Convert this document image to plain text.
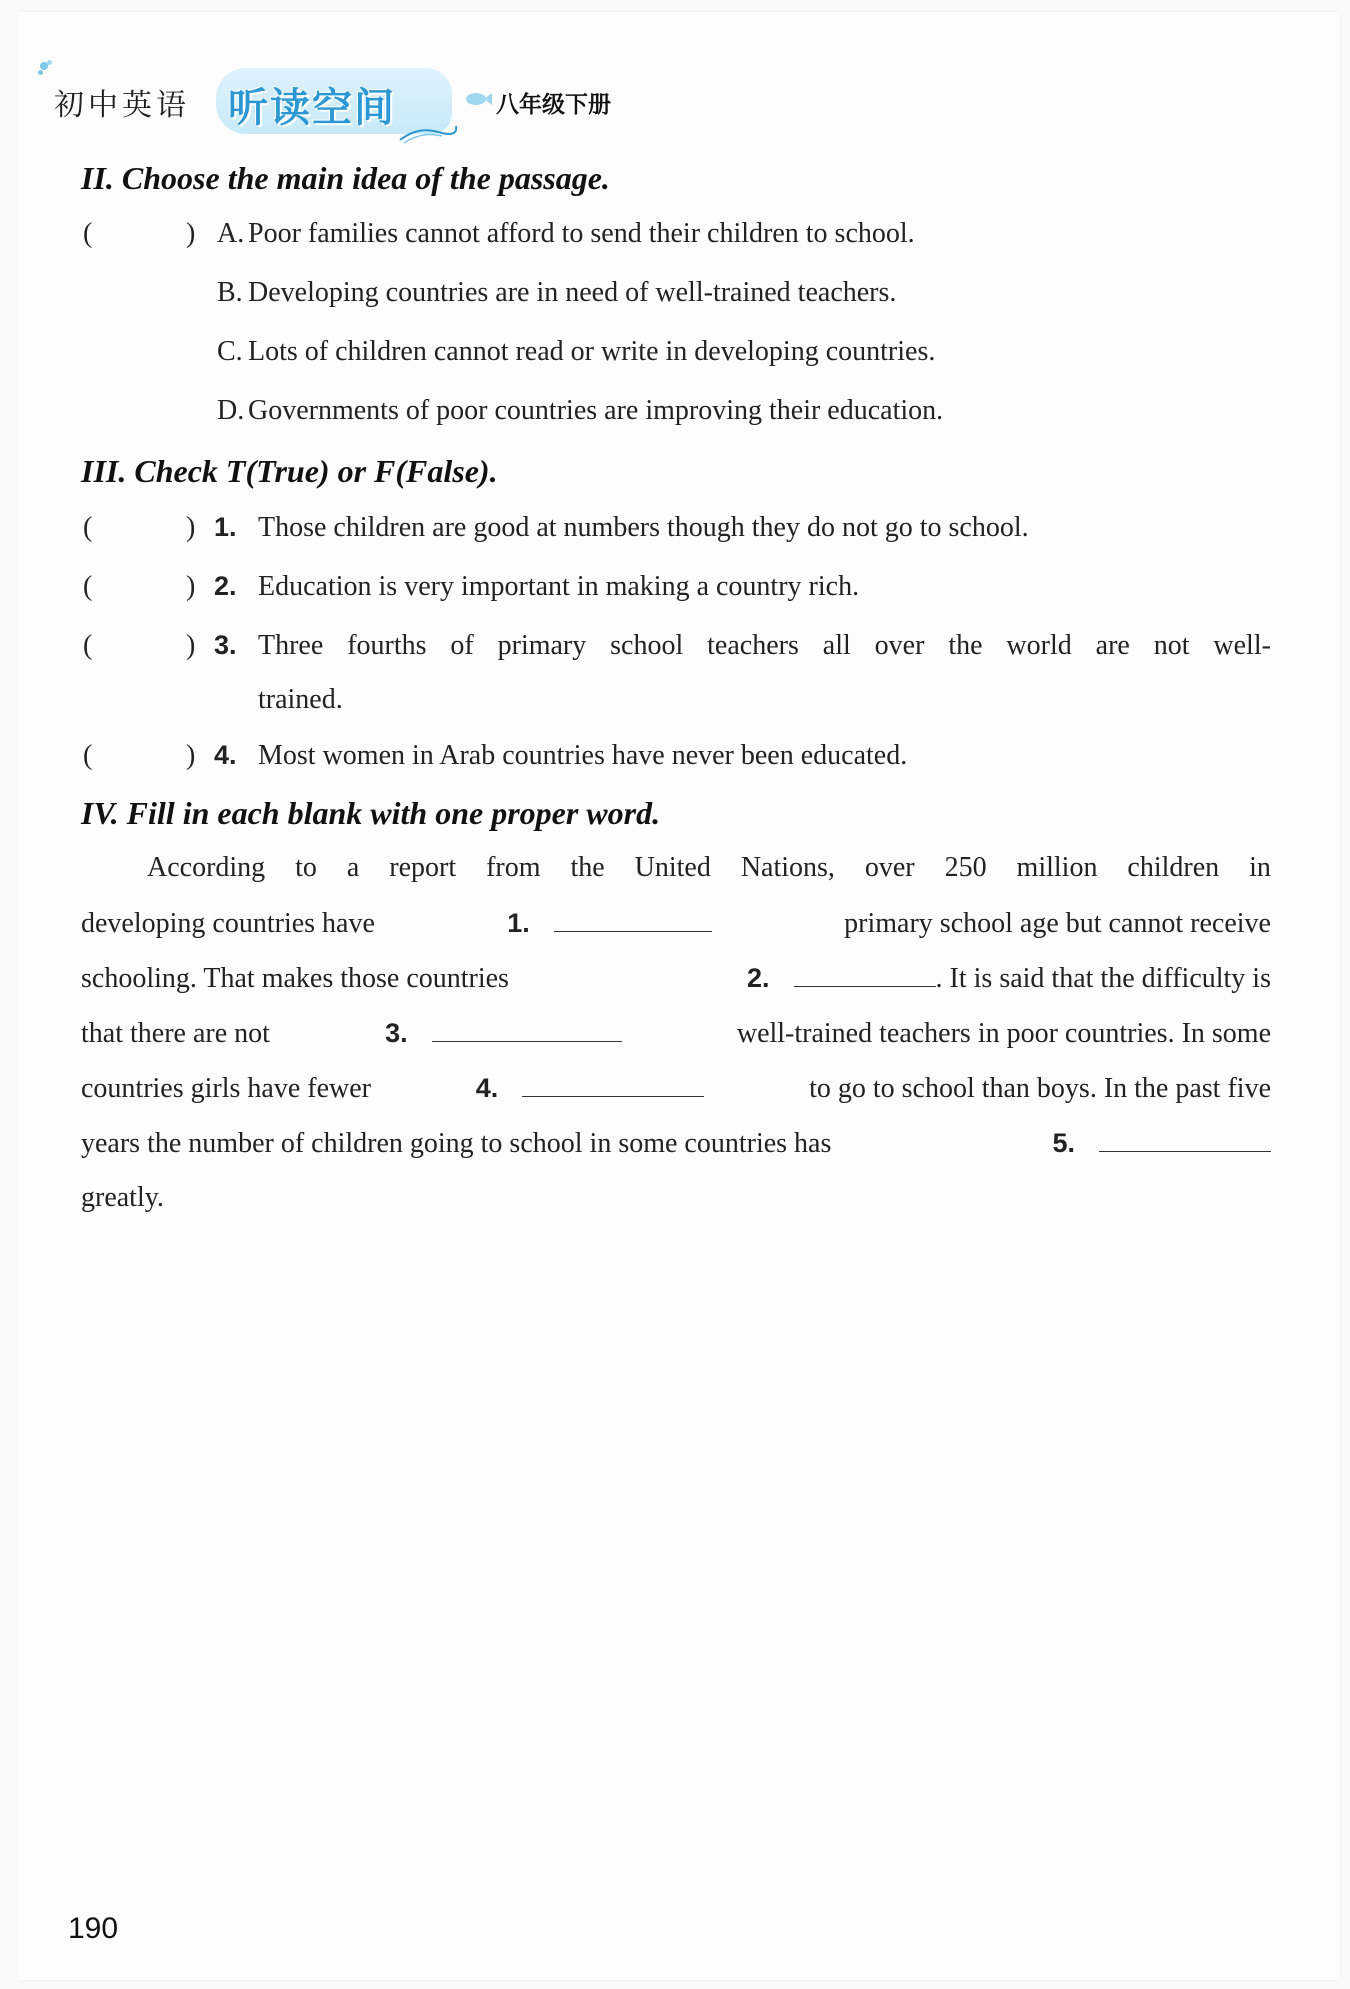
初中英语 听读空间	八年级下册
II. Choose the main idea of the passage.
(	) A. Poor families cannot afford to send their children to school.
B. Developing countries are in need of well-trained teachers.
C. Lots of children cannot read or write in developing countries.
D. Governments of poor countries are improving their education.
III. Check T(True) or F(False).
(	) 1. Those children are good at numbers though they do not go to school.
(	) 2. Education is very important in making a country rich.
(	) 3. Three fourths of primary school teachers all over the world are not well-
trained.
(	) 4. Most women in Arab countries have never been educated.
IV. Fill in each blank with one proper word.
According to a report from the United Nations, over 250 million children in
developing countries have	1.	primary school age but cannot receive
schooling. That makes those countries	2.	. It is said that the difficulty is
that there are not	3.	well-trained teachers in poor countries. In some
countries girls have fewer	4.	to go to school than boys. In the past five
years the number of children going to school in some countries has	5.
greatly.
190
